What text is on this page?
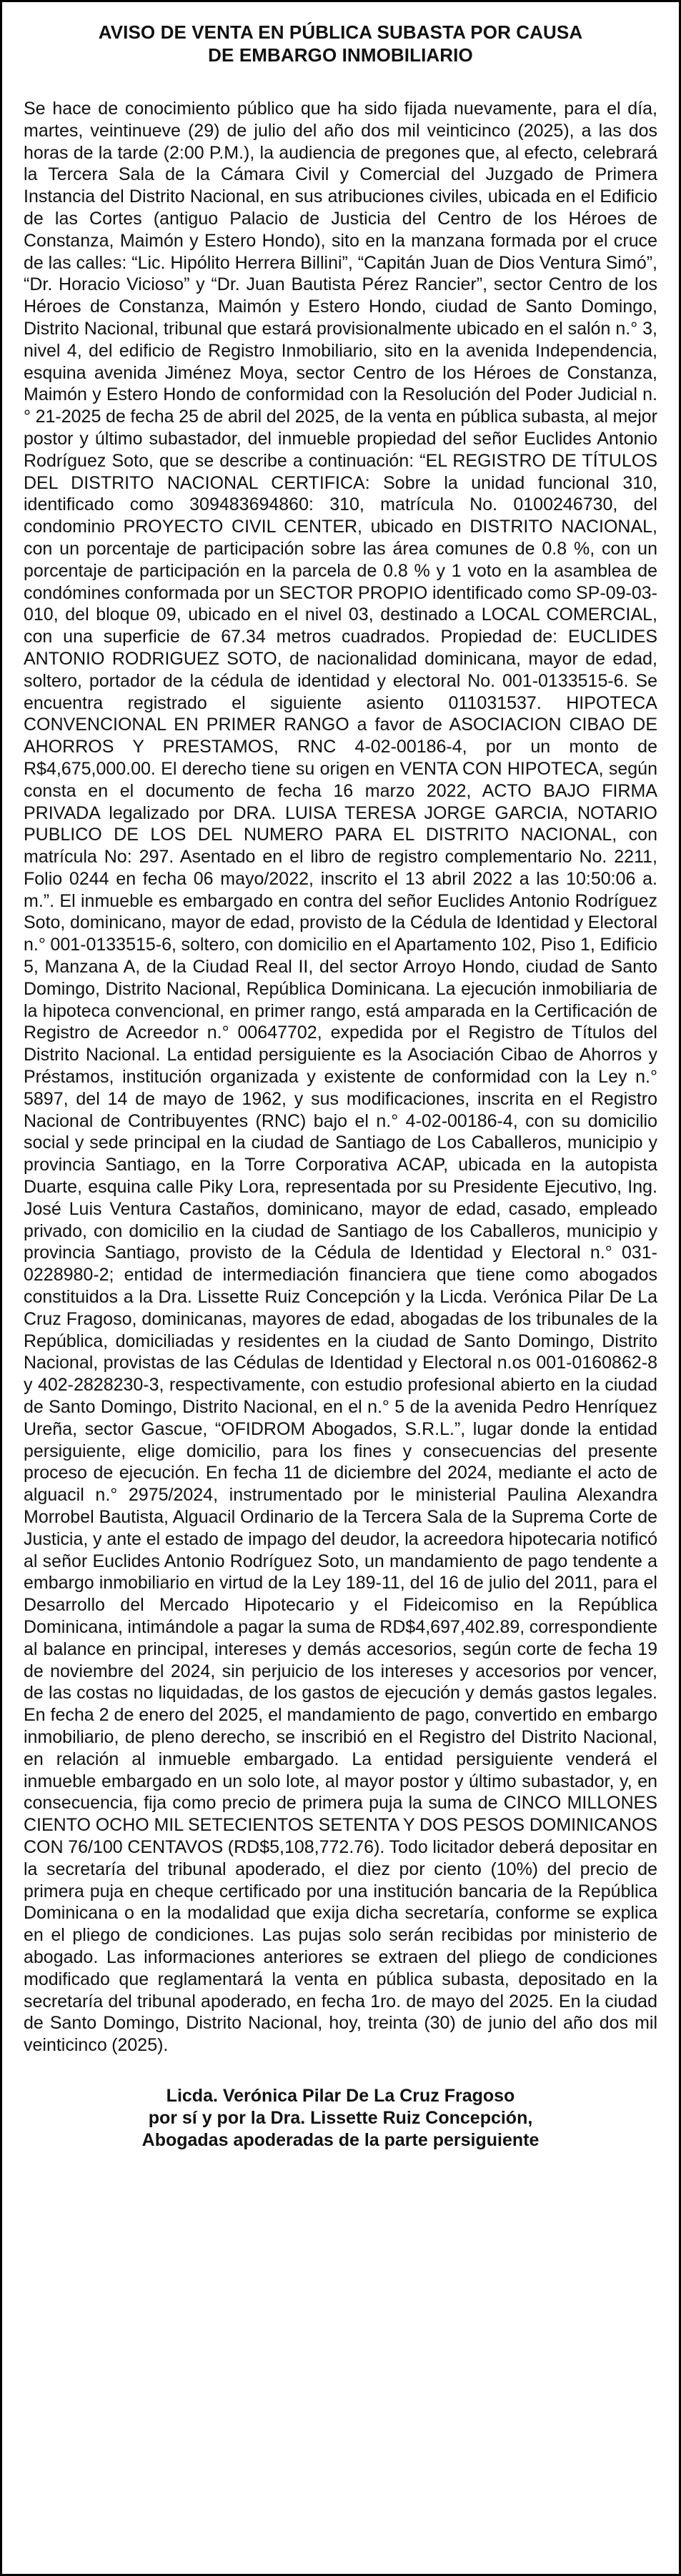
AVISO DE VENTA EN PÚBLICA SUBASTA POR CAUSA
DE EMBARGO INMOBILIARIO

Se hace de conocimiento público que ha sido fijada nuevamente, para el día, martes, veintinueve (29) de julio del año dos mil veinticinco (2025), a las dos horas de la tarde (2:00 P.M.), la audiencia de pregones que, al efecto, celebrará la Tercera Sala de la Cámara Civil y Comercial del Juzgado de Primera Instancia del Distrito Nacional, en sus atribuciones civiles, ubicada en el Edificio de las Cortes (antiguo Palacio de Justicia del Centro de los Héroes de Constanza, Maimón y Estero Hondo), sito en la manzana formada por el cruce de las calles: “Lic. Hipólito Herrera Billini”, “Capitán Juan de Dios Ventura Simó”, “Dr. Horacio Vicioso” y “Dr. Juan Bautista Pérez Rancier”, sector Centro de los Héroes de Constanza, Maimón y Estero Hondo, ciudad de Santo Domingo, Distrito Nacional, tribunal que estará provisionalmente ubicado en el salón n.° 3, nivel 4, del edificio de Registro Inmobiliario, sito en la avenida Independencia, esquina avenida Jiménez Moya, sector Centro de los Héroes de Constanza, Maimón y Estero Hondo de conformidad con la Resolución del Poder Judicial n.° 21-2025 de fecha 25 de abril del 2025, de la venta en pública subasta, al mejor postor y último subastador, del inmueble propiedad del señor Euclides Antonio Rodríguez Soto, que se describe a continuación: “EL REGISTRO DE TÍTULOS DEL DISTRITO NACIONAL CERTIFICA: Sobre la unidad funcional 310, identificado como 309483694860: 310, matrícula No. 0100246730, del condominio PROYECTO CIVIL CENTER, ubicado en DISTRITO NACIONAL, con un porcentaje de participación sobre las área comunes de 0.8 %, con un porcentaje de participación en la parcela de 0.8 % y 1 voto en la asamblea de condómines conformada por un SECTOR PROPIO identificado como SP-09-03-010, del bloque 09, ubicado en el nivel 03, destinado a LOCAL COMERCIAL, con una superficie de 67.34 metros cuadrados. Propiedad de: EUCLIDES ANTONIO RODRIGUEZ SOTO, de nacionalidad dominicana, mayor de edad, soltero, portador de la cédula de identidad y electoral No. 001-0133515-6. Se encuentra registrado el siguiente asiento 011031537. HIPOTECA CONVENCIONAL EN PRIMER RANGO a favor de ASOCIACION CIBAO DE AHORROS Y PRESTAMOS, RNC 4-02-00186-4, por un monto de R$4,675,000.00. El derecho tiene su origen en VENTA CON HIPOTECA, según consta en el documento de fecha 16 marzo 2022, ACTO BAJO FIRMA PRIVADA legalizado por DRA. LUISA TERESA JORGE GARCIA, NOTARIO PUBLICO DE LOS DEL NUMERO PARA EL DISTRITO NACIONAL, con matrícula No: 297. Asentado en el libro de registro complementario No. 2211, Folio 0244 en fecha 06 mayo/2022, inscrito el 13 abril 2022 a las 10:50:06 a. m.”. El inmueble es embargado en contra del señor Euclides Antonio Rodríguez Soto, dominicano, mayor de edad, provisto de la Cédula de Identidad y Electoral n.° 001-0133515-6, soltero, con domicilio en el Apartamento 102, Piso 1, Edificio 5, Manzana A, de la Ciudad Real II, del sector Arroyo Hondo, ciudad de Santo Domingo, Distrito Nacional, República Dominicana. La ejecución inmobiliaria de la hipoteca convencional, en primer rango, está amparada en la Certificación de Registro de Acreedor n.° 00647702, expedida por el Registro de Títulos del Distrito Nacional. La entidad persiguiente es la Asociación Cibao de Ahorros y Préstamos, institución organizada y existente de conformidad con la Ley n.° 5897, del 14 de mayo de 1962, y sus modificaciones, inscrita en el Registro Nacional de Contribuyentes (RNC) bajo el n.° 4-02-00186-4, con su domicilio social y sede principal en la ciudad de Santiago de Los Caballeros, municipio y provincia Santiago, en la Torre Corporativa ACAP, ubicada en la autopista Duarte, esquina calle Piky Lora, representada por su Presidente Ejecutivo, Ing. José Luis Ventura Castaños, dominicano, mayor de edad, casado, empleado privado, con domicilio en la ciudad de Santiago de los Caballeros, municipio y provincia Santiago, provisto de la Cédula de Identidad y Electoral n.° 031-0228980-2; entidad de intermediación financiera que tiene como abogados constituidos a la Dra. Lissette Ruiz Concepción y la Licda. Verónica Pilar De La Cruz Fragoso, dominicanas, mayores de edad, abogadas de los tribunales de la República, domiciliadas y residentes en la ciudad de Santo Domingo, Distrito Nacional, provistas de las Cédulas de Identidad y Electoral n.os 001-0160862-8 y 402-2828230-3, respectivamente, con estudio profesional abierto en la ciudad de Santo Domingo, Distrito Nacional, en el n.° 5 de la avenida Pedro Henríquez Ureña, sector Gascue, “OFIDROM Abogados, S.R.L.”, lugar donde la entidad persiguiente, elige domicilio, para los fines y consecuencias del presente proceso de ejecución. En fecha 11 de diciembre del 2024, mediante el acto de alguacil n.° 2975/2024, instrumentado por le ministerial Paulina Alexandra Morrobel Bautista, Alguacil Ordinario de la Tercera Sala de la Suprema Corte de Justicia, y ante el estado de impago del deudor, la acreedora hipotecaria notificó al señor Euclides Antonio Rodríguez Soto, un mandamiento de pago tendente a embargo inmobiliario en virtud de la Ley 189-11, del 16 de julio del 2011, para el Desarrollo del Mercado Hipotecario y el Fideicomiso en la República Dominicana, intimándole a pagar la suma de RD$4,697,402.89, correspondiente al balance en principal, intereses y demás accesorios, según corte de fecha 19 de noviembre del 2024, sin perjuicio de los intereses y accesorios por vencer, de las costas no liquidadas, de los gastos de ejecución y demás gastos legales. En fecha 2 de enero del 2025, el mandamiento de pago, convertido en embargo inmobiliario, de pleno derecho, se inscribió en el Registro del Distrito Nacional, en relación al inmueble embargado. La entidad persiguiente venderá el inmueble embargado en un solo lote, al mayor postor y último subastador, y, en consecuencia, fija como precio de primera puja la suma de CINCO MILLONES CIENTO OCHO MIL SETECIENTOS SETENTA Y DOS PESOS DOMINICANOS CON 76/100 CENTAVOS (RD$5,108,772.76). Todo licitador deberá depositar en la secretaría del tribunal apoderado, el diez por ciento (10%) del precio de primera puja en cheque certificado por una institución bancaria de la República Dominicana o en la modalidad que exija dicha secretaría, conforme se explica en el pliego de condiciones. Las pujas solo serán recibidas por ministerio de abogado. Las informaciones anteriores se extraen del pliego de condiciones modificado que reglamentará la venta en pública subasta, depositado en la secretaría del tribunal apoderado, en fecha 1ro. de mayo del 2025. En la ciudad de Santo Domingo, Distrito Nacional, hoy, treinta (30) de junio del año dos mil veinticinco (2025).

Licda. Verónica Pilar De La Cruz Fragoso
por sí y por la Dra. Lissette Ruiz Concepción,
Abogadas apoderadas de la parte persiguiente
